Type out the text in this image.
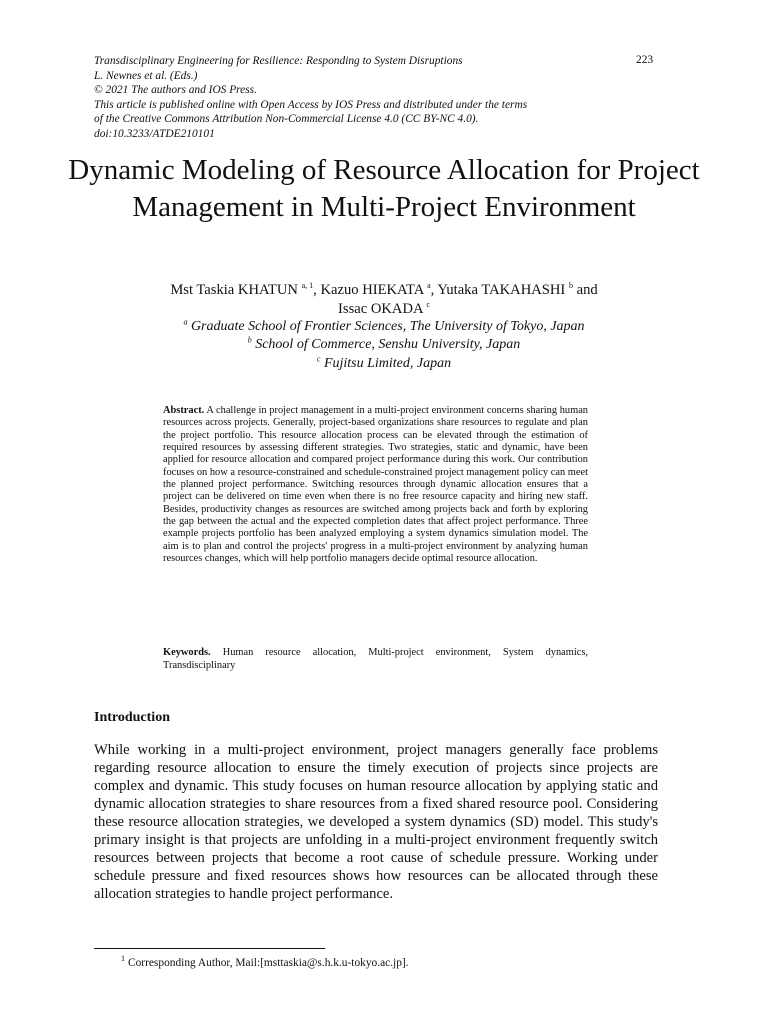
Transdisciplinary Engineering for Resilience: Responding to System Disruptions
L. Newnes et al. (Eds.)
© 2021 The authors and IOS Press.
This article is published online with Open Access by IOS Press and distributed under the terms
of the Creative Commons Attribution Non-Commercial License 4.0 (CC BY-NC 4.0).
doi:10.3233/ATDE210101
223
Dynamic Modeling of Resource Allocation for Project Management in Multi-Project Environment
Mst Taskia KHATUN $^{a, 1}$, Kazuo HIEKATA $^a$, Yutaka TAKAHASHI $^b$ and
Issac OKADA $^c$
$^a$ Graduate School of Frontier Sciences, The University of Tokyo, Japan
$^b$ School of Commerce, Senshu University, Japan
$^c$ Fujitsu Limited, Japan
Abstract. A challenge in project management in a multi-project environment concerns sharing human resources across projects. Generally, project-based organizations share resources to regulate and plan the project portfolio. This resource allocation process can be elevated through the estimation of required resources by assessing different strategies. Two strategies, static and dynamic, have been applied for resource allocation and compared project performance during this work. Our contribution focuses on how a resource-constrained and schedule-constrained project management policy can meet the planned project performance. Switching resources through dynamic allocation ensures that a project can be delivered on time even when there is no free resource capacity and hiring new staff. Besides, productivity changes as resources are switched among projects back and forth by exploring the gap between the actual and the expected completion dates that affect project performance. Three example projects portfolio has been analyzed employing a system dynamics simulation model. The aim is to plan and control the projects' progress in a multi-project environment by analyzing human resources changes, which will help portfolio managers decide optimal resource allocation.
Keywords. Human resource allocation, Multi-project environment, System dynamics, Transdisciplinary
Introduction
While working in a multi-project environment, project managers generally face problems regarding resource allocation to ensure the timely execution of projects since projects are complex and dynamic. This study focuses on human resource allocation by applying static and dynamic allocation strategies to share resources from a fixed shared resource pool. Considering these resource allocation strategies, we developed a system dynamics (SD) model. This study's primary insight is that projects are unfolding in a multi-project environment frequently switch resources between projects that become a root cause of schedule pressure. Working under schedule pressure and fixed resources shows how resources can be allocated through these allocation strategies to handle project performance.
$^1$ Corresponding Author, Mail:[msttaskia@s.h.k.u-tokyo.ac.jp].
